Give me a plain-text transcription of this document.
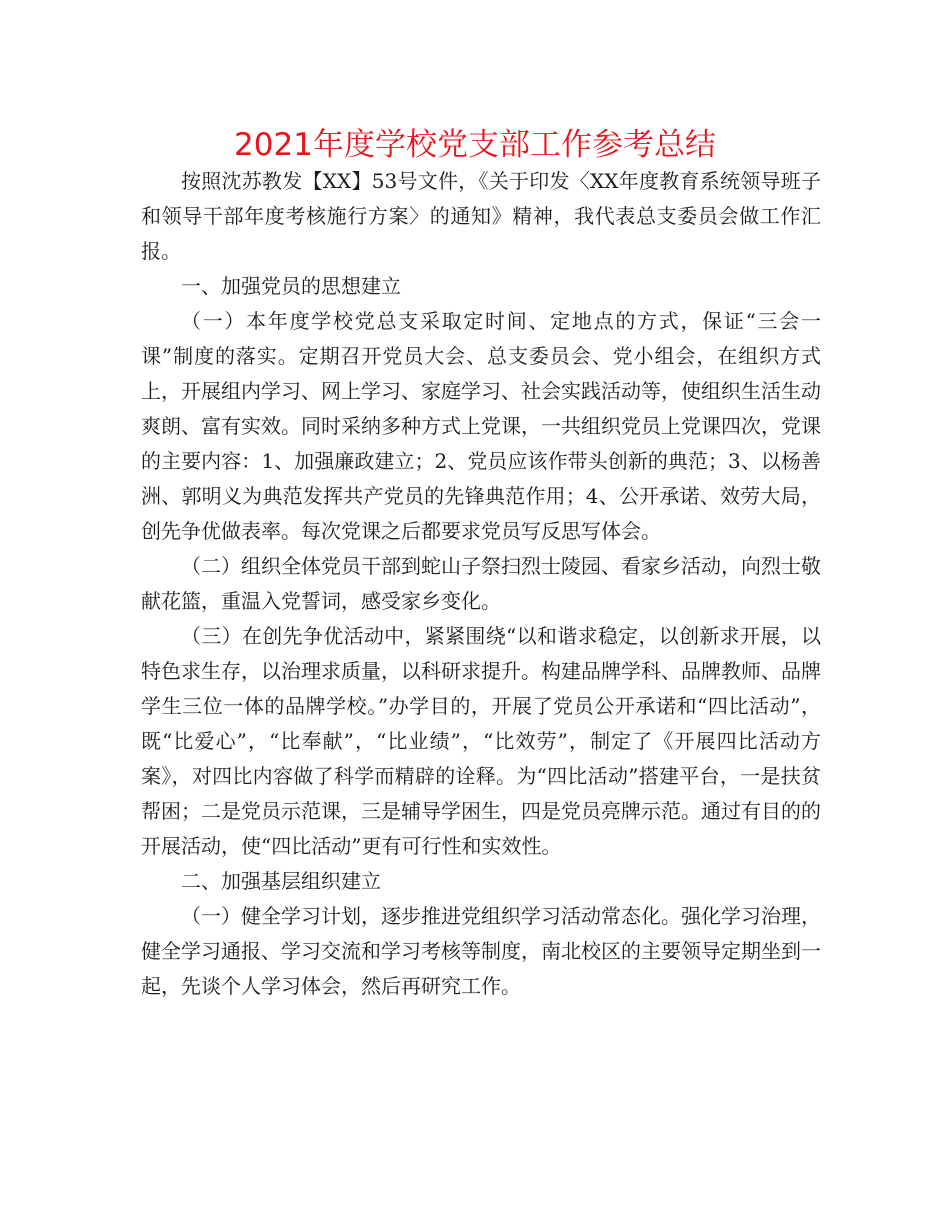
2021年度学校党支部工作参考总结

按照沈苏教发【XX】53号文件，《关于印发〈XX年度教育系统领导班子和领导干部年度考核施行方案〉的通知》精神，我代表总支委员会做工作汇报。

一、加强党员的思想建立

（一）本年度学校党总支采取定时间、定地点的方式，保证“三会一课”制度的落实。定期召开党员大会、总支委员会、党小组会，在组织方式上，开展组内学习、网上学习、家庭学习、社会实践活动等，使组织生活生动爽朗、富有实效。同时采纳多种方式上党课，一共组织党员上党课四次，党课的主要内容：1、加强廉政建立；2、党员应该作带头创新的典范；3、以杨善洲、郭明义为典范发挥共产党员的先锋典范作用；4、公开承诺、效劳大局，创先争优做表率。每次党课之后都要求党员写反思写体会。

（二）组织全体党员干部到蛇山子祭扫烈士陵园、看家乡活动，向烈士敬献花篮，重温入党誓词，感受家乡变化。

（三）在创先争优活动中，紧紧围绕“以和谐求稳定，以创新求开展，以特色求生存，以治理求质量，以科研求提升。构建品牌学科、品牌教师、品牌学生三位一体的品牌学校。”办学目的，开展了党员公开承诺和“四比活动”， 既“比爱心”，“比奉献”，“比业绩”，“比效劳”，制定了《开展四比活动方案》，对四比内容做了科学而精辟的诠释。为“四比活动”搭建平台，一是扶贫帮困；二是党员示范课，三是辅导学困生，四是党员亮牌示范。通过有目的的开展活动，使“四比活动”更有可行性和实效性。

二、加强基层组织建立

（一）健全学习计划，逐步推进党组织学习活动常态化。强化学习治理，健全学习通报、学习交流和学习考核等制度，南北校区的主要领导定期坐到一起，先谈个人学习体会，然后再研究工作。
